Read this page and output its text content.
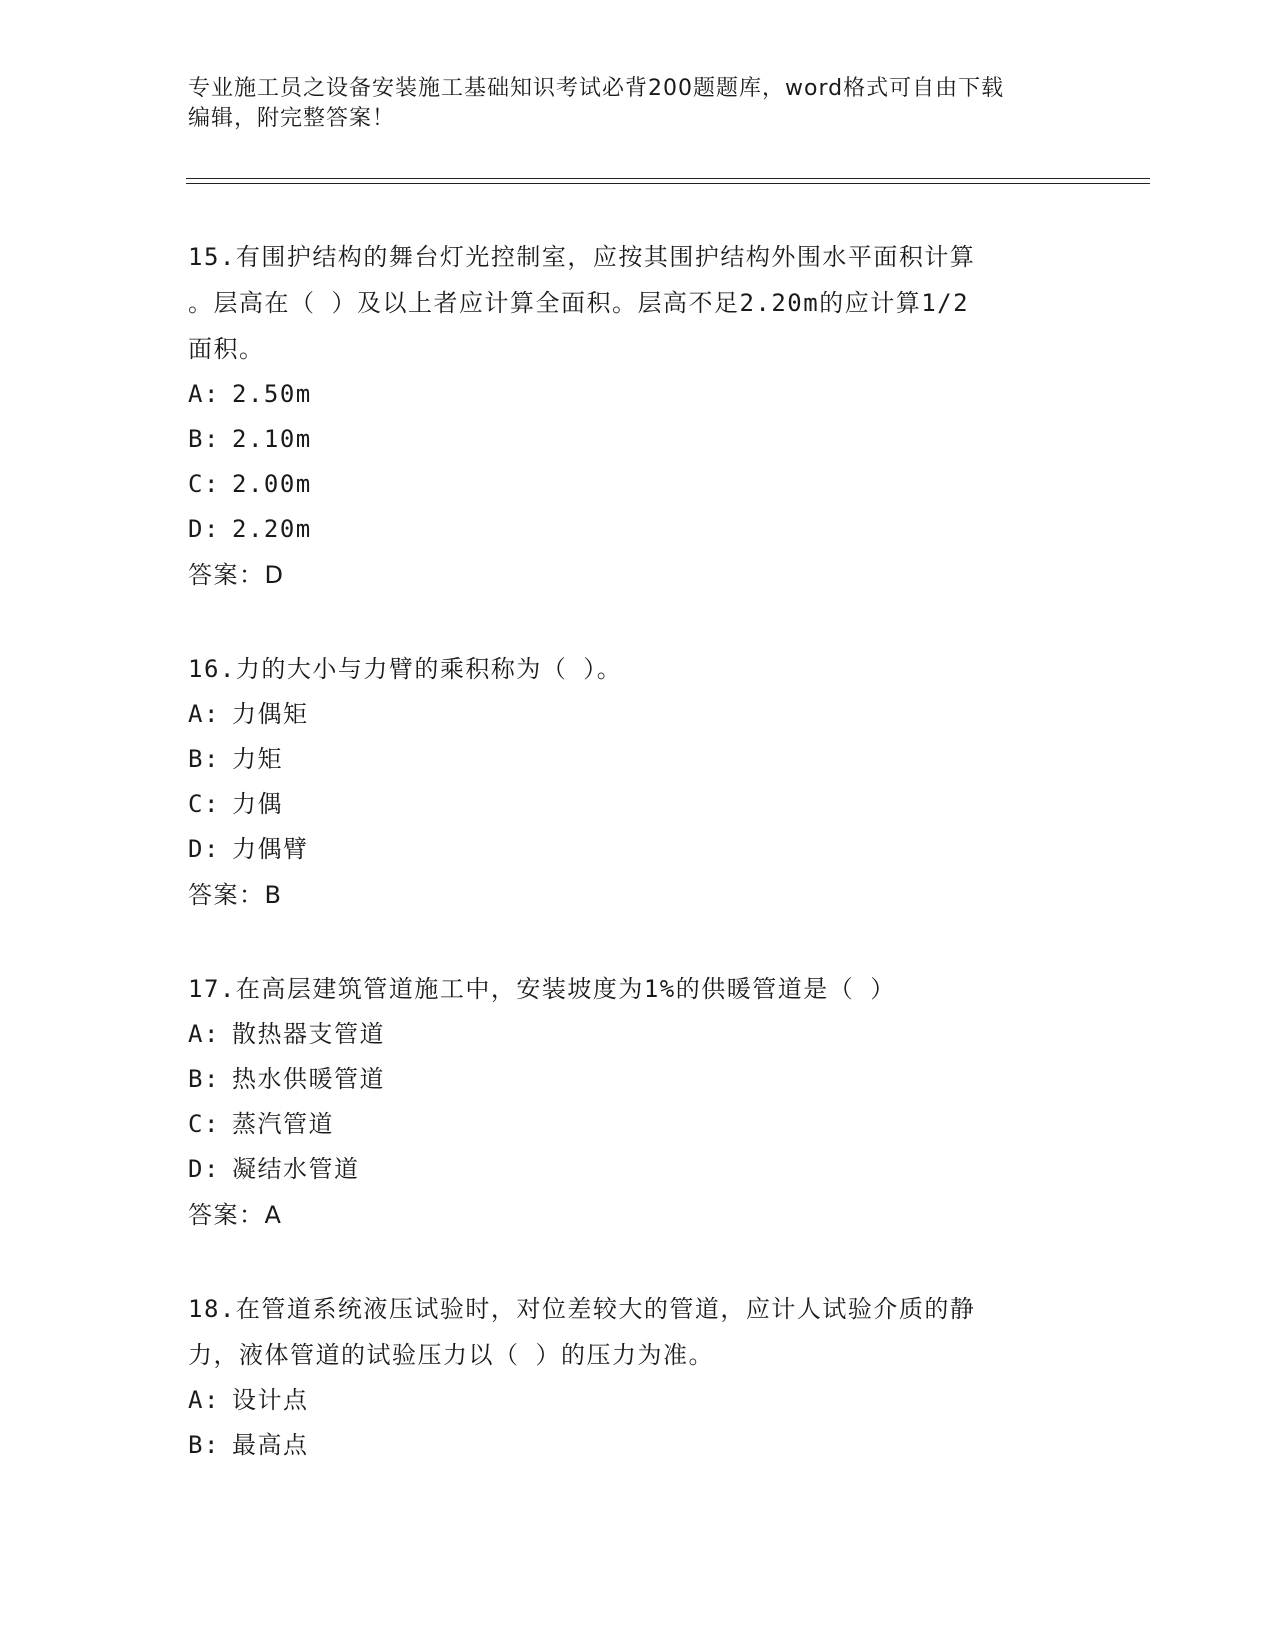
专业施工员之设备安装施工基础知识考试必背200题题库，word格式可自由下载
编辑，附完整答案！
15.有围护结构的舞台灯光控制室，应按其围护结构外围水平面积计算
。层高在（ ）及以上者应计算全面积。层高不足2.20m的应计算1/2
面积。
A: 2.50m
B: 2.10m
C: 2.00m
D: 2.20m
答案：D
16.力的大小与力臂的乘积称为（ ）。
A: 力偶矩
B: 力矩
C: 力偶
D: 力偶臂
答案：B
17.在高层建筑管道施工中，安装坡度为1%的供暖管道是（ ）
A: 散热器支管道
B: 热水供暖管道
C: 蒸汽管道
D: 凝结水管道
答案：A
18.在管道系统液压试验时，对位差较大的管道，应计人试验介质的静
力，液体管道的试验压力以（ ）的压力为准。
A: 设计点
B: 最高点
